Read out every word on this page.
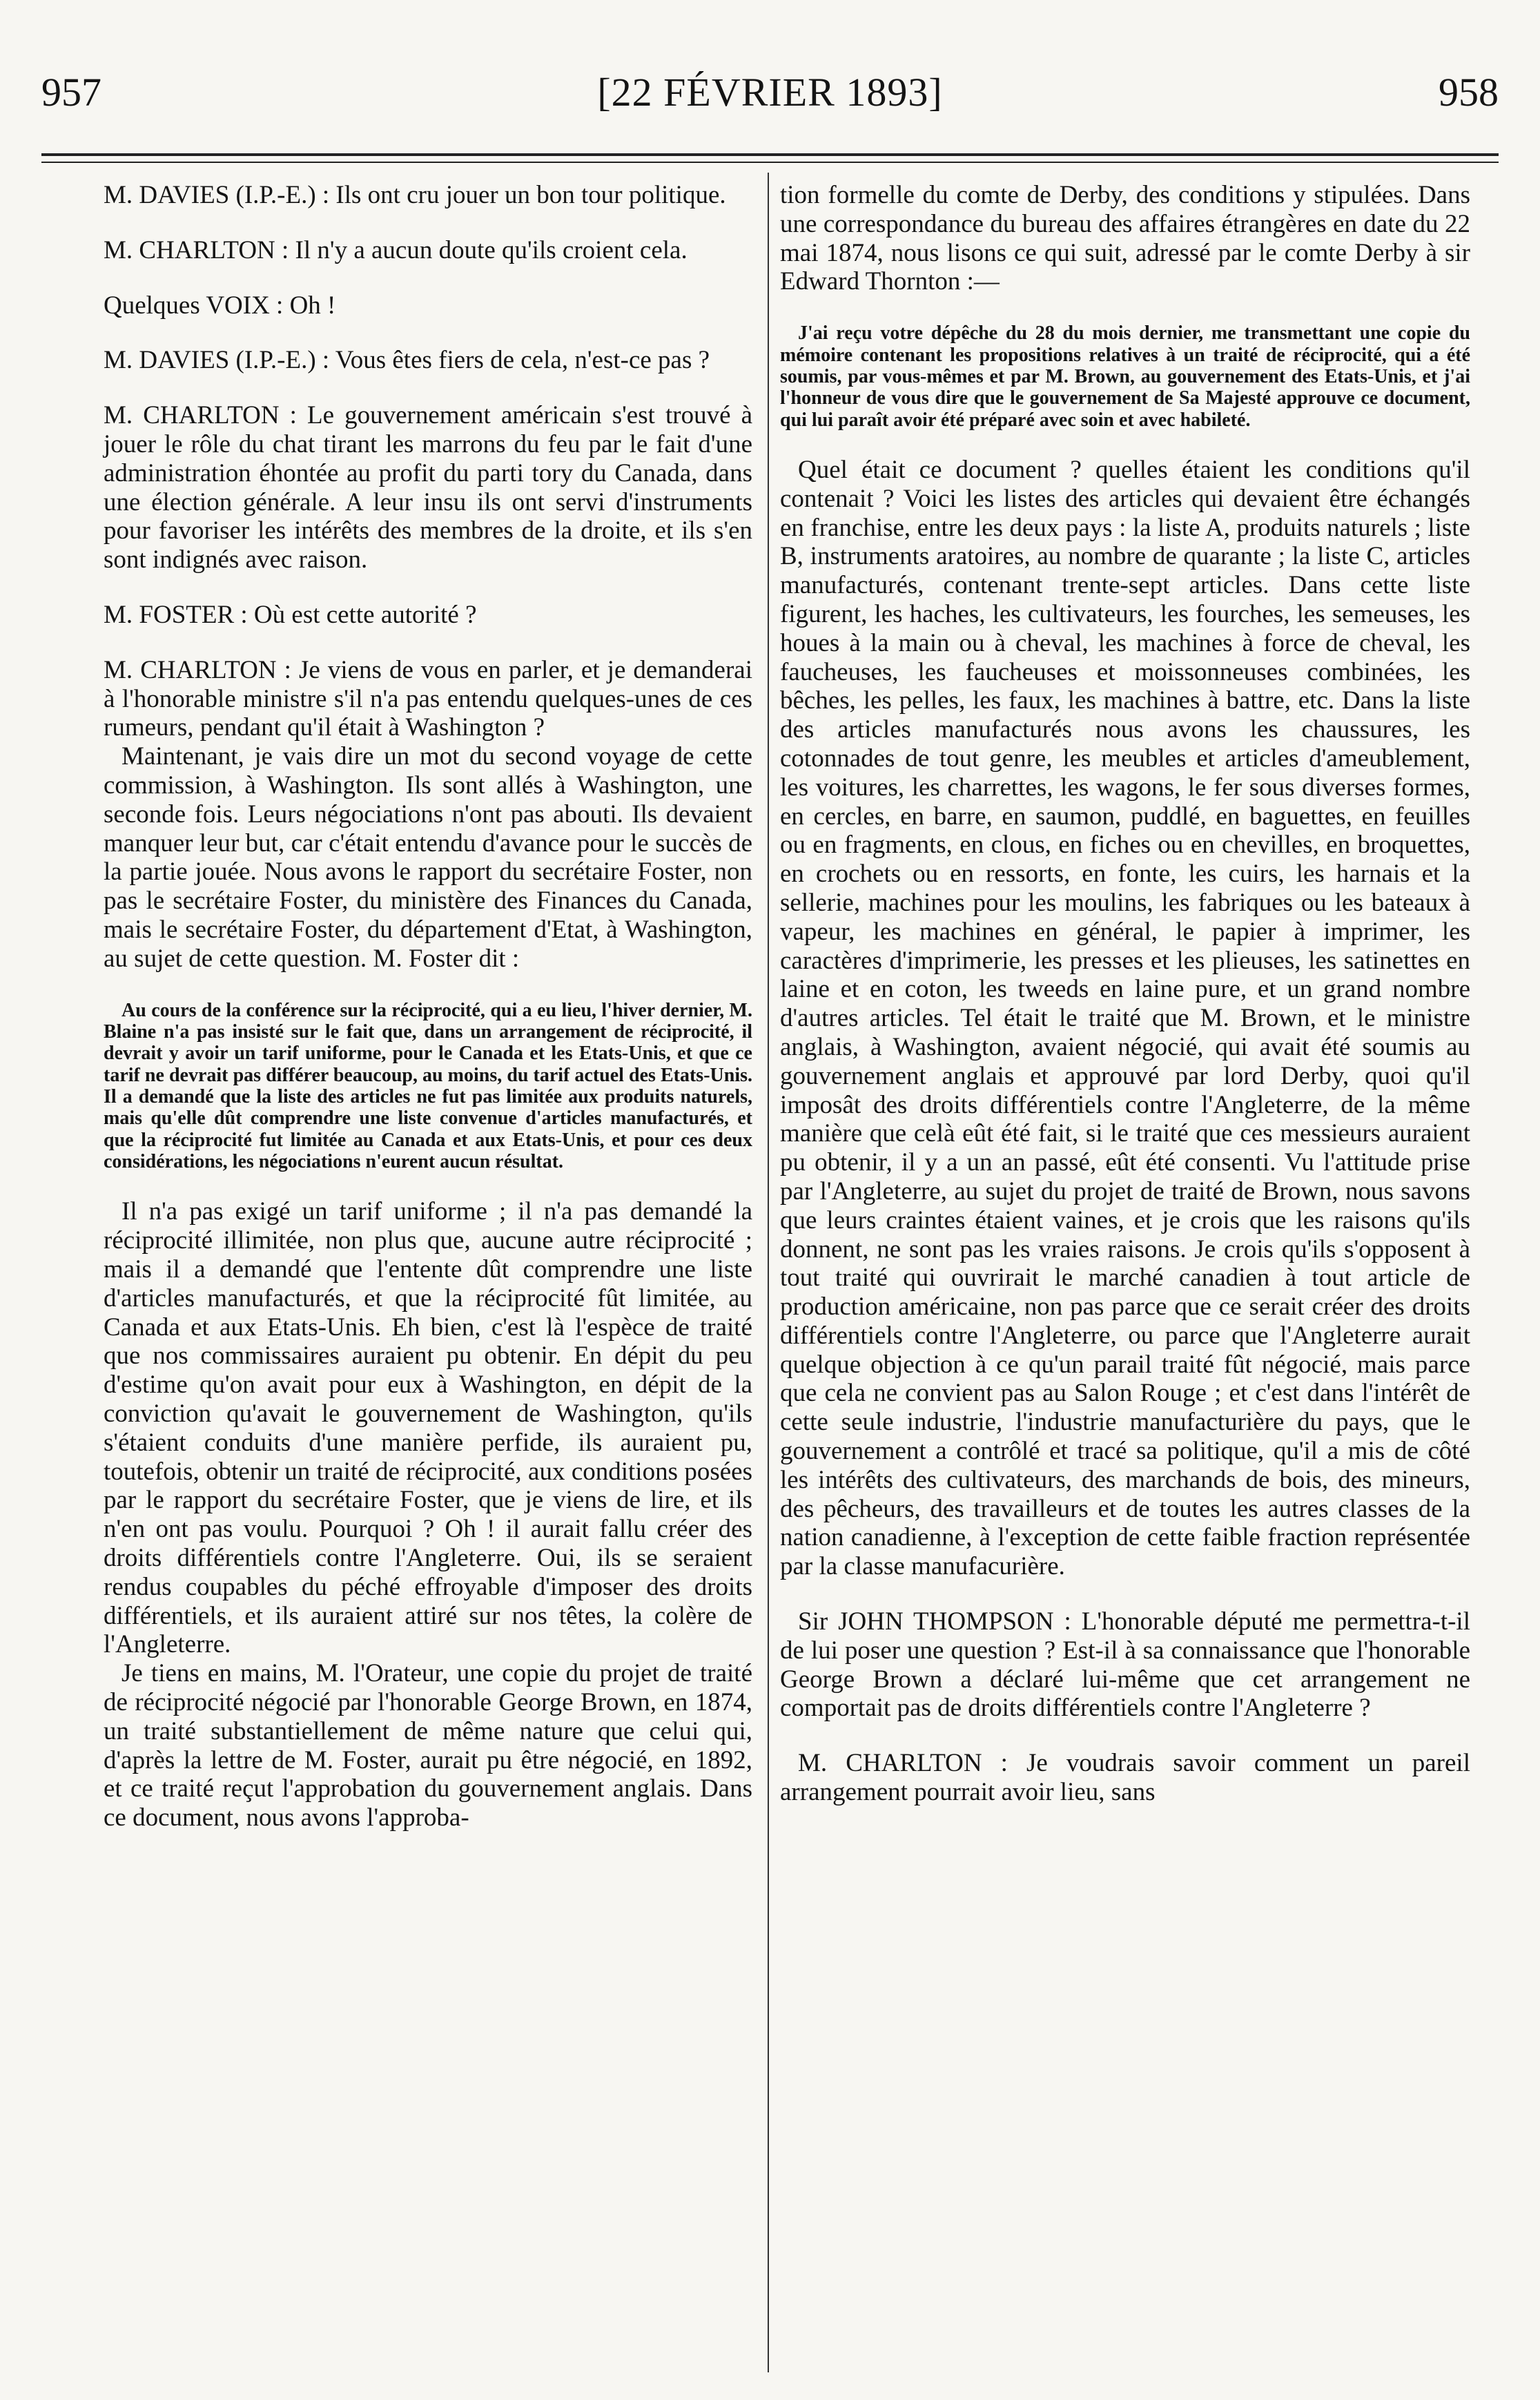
957	[22 FÉVRIER 1893]	958

M. DAVIES (I.P.-E.) : Ils ont cru jouer un bon tour politique.

M. CHARLTON : Il n'y a aucun doute qu'ils croient cela.

Quelques VOIX : Oh !

M. DAVIES (I.P.-E.) : Vous êtes fiers de cela, n'est-ce pas ?

M. CHARLTON : Le gouvernement américain s'est trouvé à jouer le rôle du chat tirant les marrons du feu par le fait d'une administration éhontée au profit du parti tory du Canada, dans une élection générale. A leur insu ils ont servi d'instruments pour favoriser les intérêts des membres de la droite, et ils s'en sont indignés avec raison.

M. FOSTER : Où est cette autorité ?

M. CHARLTON : Je viens de vous en parler, et je demanderai à l'honorable ministre s'il n'a pas entendu quelques-unes de ces rumeurs, pendant qu'il était à Washington ?

Maintenant, je vais dire un mot du second voyage de cette commission, à Washington. Ils sont allés à Washington, une seconde fois. Leurs négociations n'ont pas abouti. Ils devaient manquer leur but, car c'était entendu d'avance pour le succès de la partie jouée. Nous avons le rapport du secrétaire Foster, non pas le secrétaire Foster, du ministère des Finances du Canada, mais le secrétaire Foster, du département d'Etat, à Washington, au sujet de cette question. M. Foster dit :

Au cours de la conférence sur la réciprocité, qui a eu lieu, l'hiver dernier, M. Blaine n'a pas insisté sur le fait que, dans un arrangement de réciprocité, il devrait y avoir un tarif uniforme, pour le Canada et les Etats-Unis, et que ce tarif ne devrait pas différer beaucoup, au moins, du tarif actuel des Etats-Unis. Il a demandé que la liste des articles ne fut pas limitée aux produits naturels, mais qu'elle dût comprendre une liste convenue d'articles manufacturés, et que la réciprocité fut limitée au Canada et aux Etats-Unis, et pour ces deux considérations, les négociations n'eurent aucun résultat.

Il n'a pas exigé un tarif uniforme ; il n'a pas demandé la réciprocité illimitée, non plus que, aucune autre réciprocité ; mais il a demandé que l'entente dût comprendre une liste d'articles manufacturés, et que la réciprocité fût limitée, au Canada et aux Etats-Unis. Eh bien, c'est là l'espèce de traité que nos commissaires auraient pu obtenir. En dépit du peu d'estime qu'on avait pour eux à Washington, en dépit de la conviction qu'avait le gouvernement de Washington, qu'ils s'étaient conduits d'une manière perfide, ils auraient pu, toutefois, obtenir un traité de réciprocité, aux conditions posées par le rapport du secrétaire Foster, que je viens de lire, et ils n'en ont pas voulu. Pourquoi ? Oh ! il aurait fallu créer des droits différentiels contre l'Angleterre. Oui, ils se seraient rendus coupables du péché effroyable d'imposer des droits différentiels, et ils auraient attiré sur nos têtes, la colère de l'Angleterre.

Je tiens en mains, M. l'Orateur, une copie du projet de traité de réciprocité négocié par l'honorable George Brown, en 1874, un traité substantiellement de même nature que celui qui, d'après la lettre de M. Foster, aurait pu être négocié, en 1892, et ce traité reçut l'approbation du gouvernement anglais. Dans ce document, nous avons l'approba-

tion formelle du comte de Derby, des conditions y stipulées. Dans une correspondance du bureau des affaires étrangères en date du 22 mai 1874, nous lisons ce qui suit, adressé par le comte Derby à sir Edward Thornton :—

J'ai reçu votre dépêche du 28 du mois dernier, me transmettant une copie du mémoire contenant les propositions relatives à un traité de réciprocité, qui a été soumis, par vous-mêmes et par M. Brown, au gouvernement des Etats-Unis, et j'ai l'honneur de vous dire que le gouvernement de Sa Majesté approuve ce document, qui lui paraît avoir été préparé avec soin et avec habileté.

Quel était ce document ? quelles étaient les conditions qu'il contenait ? Voici les listes des articles qui devaient être échangés en franchise, entre les deux pays : la liste A, produits naturels ; liste B, instruments aratoires, au nombre de quarante ; la liste C, articles manufacturés, contenant trente-sept articles. Dans cette liste figurent, les haches, les cultivateurs, les fourches, les semeuses, les houes à la main ou à cheval, les machines à force de cheval, les faucheuses, les faucheuses et moissonneuses combinées, les bêches, les pelles, les faux, les machines à battre, etc. Dans la liste des articles manufacturés nous avons les chaussures, les cotonnades de tout genre, les meubles et articles d'ameublement, les voitures, les charrettes, les wagons, le fer sous diverses formes, en cercles, en barre, en saumon, puddlé, en baguettes, en feuilles ou en fragments, en clous, en fiches ou en chevilles, en broquettes, en crochets ou en ressorts, en fonte, les cuirs, les harnais et la sellerie, machines pour les moulins, les fabriques ou les bateaux à vapeur, les machines en général, le papier à imprimer, les caractères d'imprimerie, les presses et les plieuses, les satinettes en laine et en coton, les tweeds en laine pure, et un grand nombre d'autres articles. Tel était le traité que M. Brown, et le ministre anglais, à Washington, avaient négocié, qui avait été soumis au gouvernement anglais et approuvé par lord Derby, quoi qu'il imposât des droits différentiels contre l'Angleterre, de la même manière que celà eût été fait, si le traité que ces messieurs auraient pu obtenir, il y a un an passé, eût été consenti. Vu l'attitude prise par l'Angleterre, au sujet du projet de traité de Brown, nous savons que leurs craintes étaient vaines, et je crois que les raisons qu'ils donnent, ne sont pas les vraies raisons. Je crois qu'ils s'opposent à tout traité qui ouvrirait le marché canadien à tout article de production américaine, non pas parce que ce serait créer des droits différentiels contre l'Angleterre, ou parce que l'Angleterre aurait quelque objection à ce qu'un parail traité fût négocié, mais parce que cela ne convient pas au Salon Rouge ; et c'est dans l'intérêt de cette seule industrie, l'industrie manufacturière du pays, que le gouvernement a contrôlé et tracé sa politique, qu'il a mis de côté les intérêts des cultivateurs, des marchands de bois, des mineurs, des pêcheurs, des travailleurs et de toutes les autres classes de la nation canadienne, à l'exception de cette faible fraction représentée par la classe manufacurière.

Sir JOHN THOMPSON : L'honorable député me permettra-t-il de lui poser une question ? Est-il à sa connaissance que l'honorable George Brown a déclaré lui-même que cet arrangement ne comportait pas de droits différentiels contre l'Angleterre ?

M. CHARLTON : Je voudrais savoir comment un pareil arrangement pourrait avoir lieu, sans
